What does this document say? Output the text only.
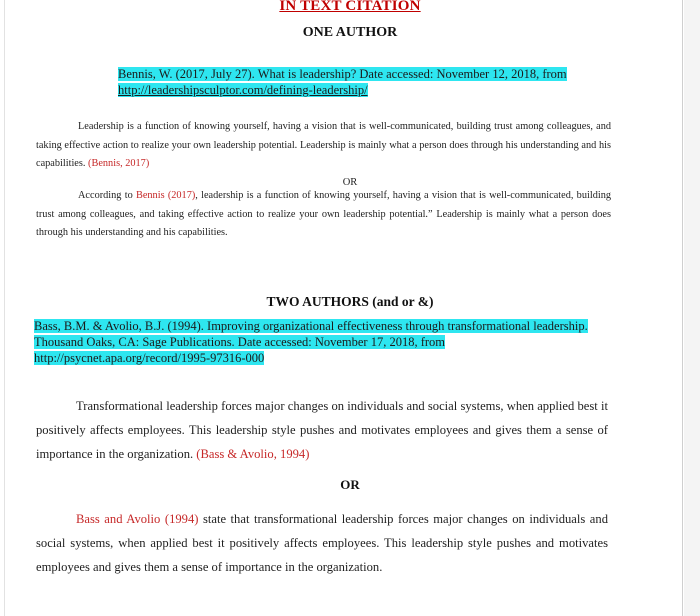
IN TEXT CITATION
ONE AUTHOR
Bennis, W. (2017, July 27). What is leadership? Date accessed: November 12, 2018, from
http://leadershipsculptor.com/defining-leadership/
Leadership is a function of knowing yourself, having a vision that is well-communicated, building trust among colleagues, and taking effective action to realize your own leadership potential. Leadership is mainly what a person does through his understanding and his capabilities. (Bennis, 2017)
OR
According to Bennis (2017), leadership is a function of knowing yourself, having a vision that is well-communicated, building trust among colleagues, and taking effective action to realize your own leadership potential.” Leadership is mainly what a person does through his understanding and his capabilities.
TWO AUTHORS (and or &)
Bass, B.M. & Avolio, B.J. (1994). Improving organizational effectiveness through transformational leadership. Thousand Oaks, CA: Sage Publications. Date accessed: November 17, 2018, from http://psycnet.apa.org/record/1995-97316-000
Transformational leadership forces major changes on individuals and social systems, when applied best it positively affects employees. This leadership style pushes and motivates employees and gives them a sense of importance in the organization. (Bass & Avolio, 1994)
OR
Bass and Avolio (1994) state that transformational leadership forces major changes on individuals and social systems, when applied best it positively affects employees. This leadership style pushes and motivates employees and gives them a sense of importance in the organization.
